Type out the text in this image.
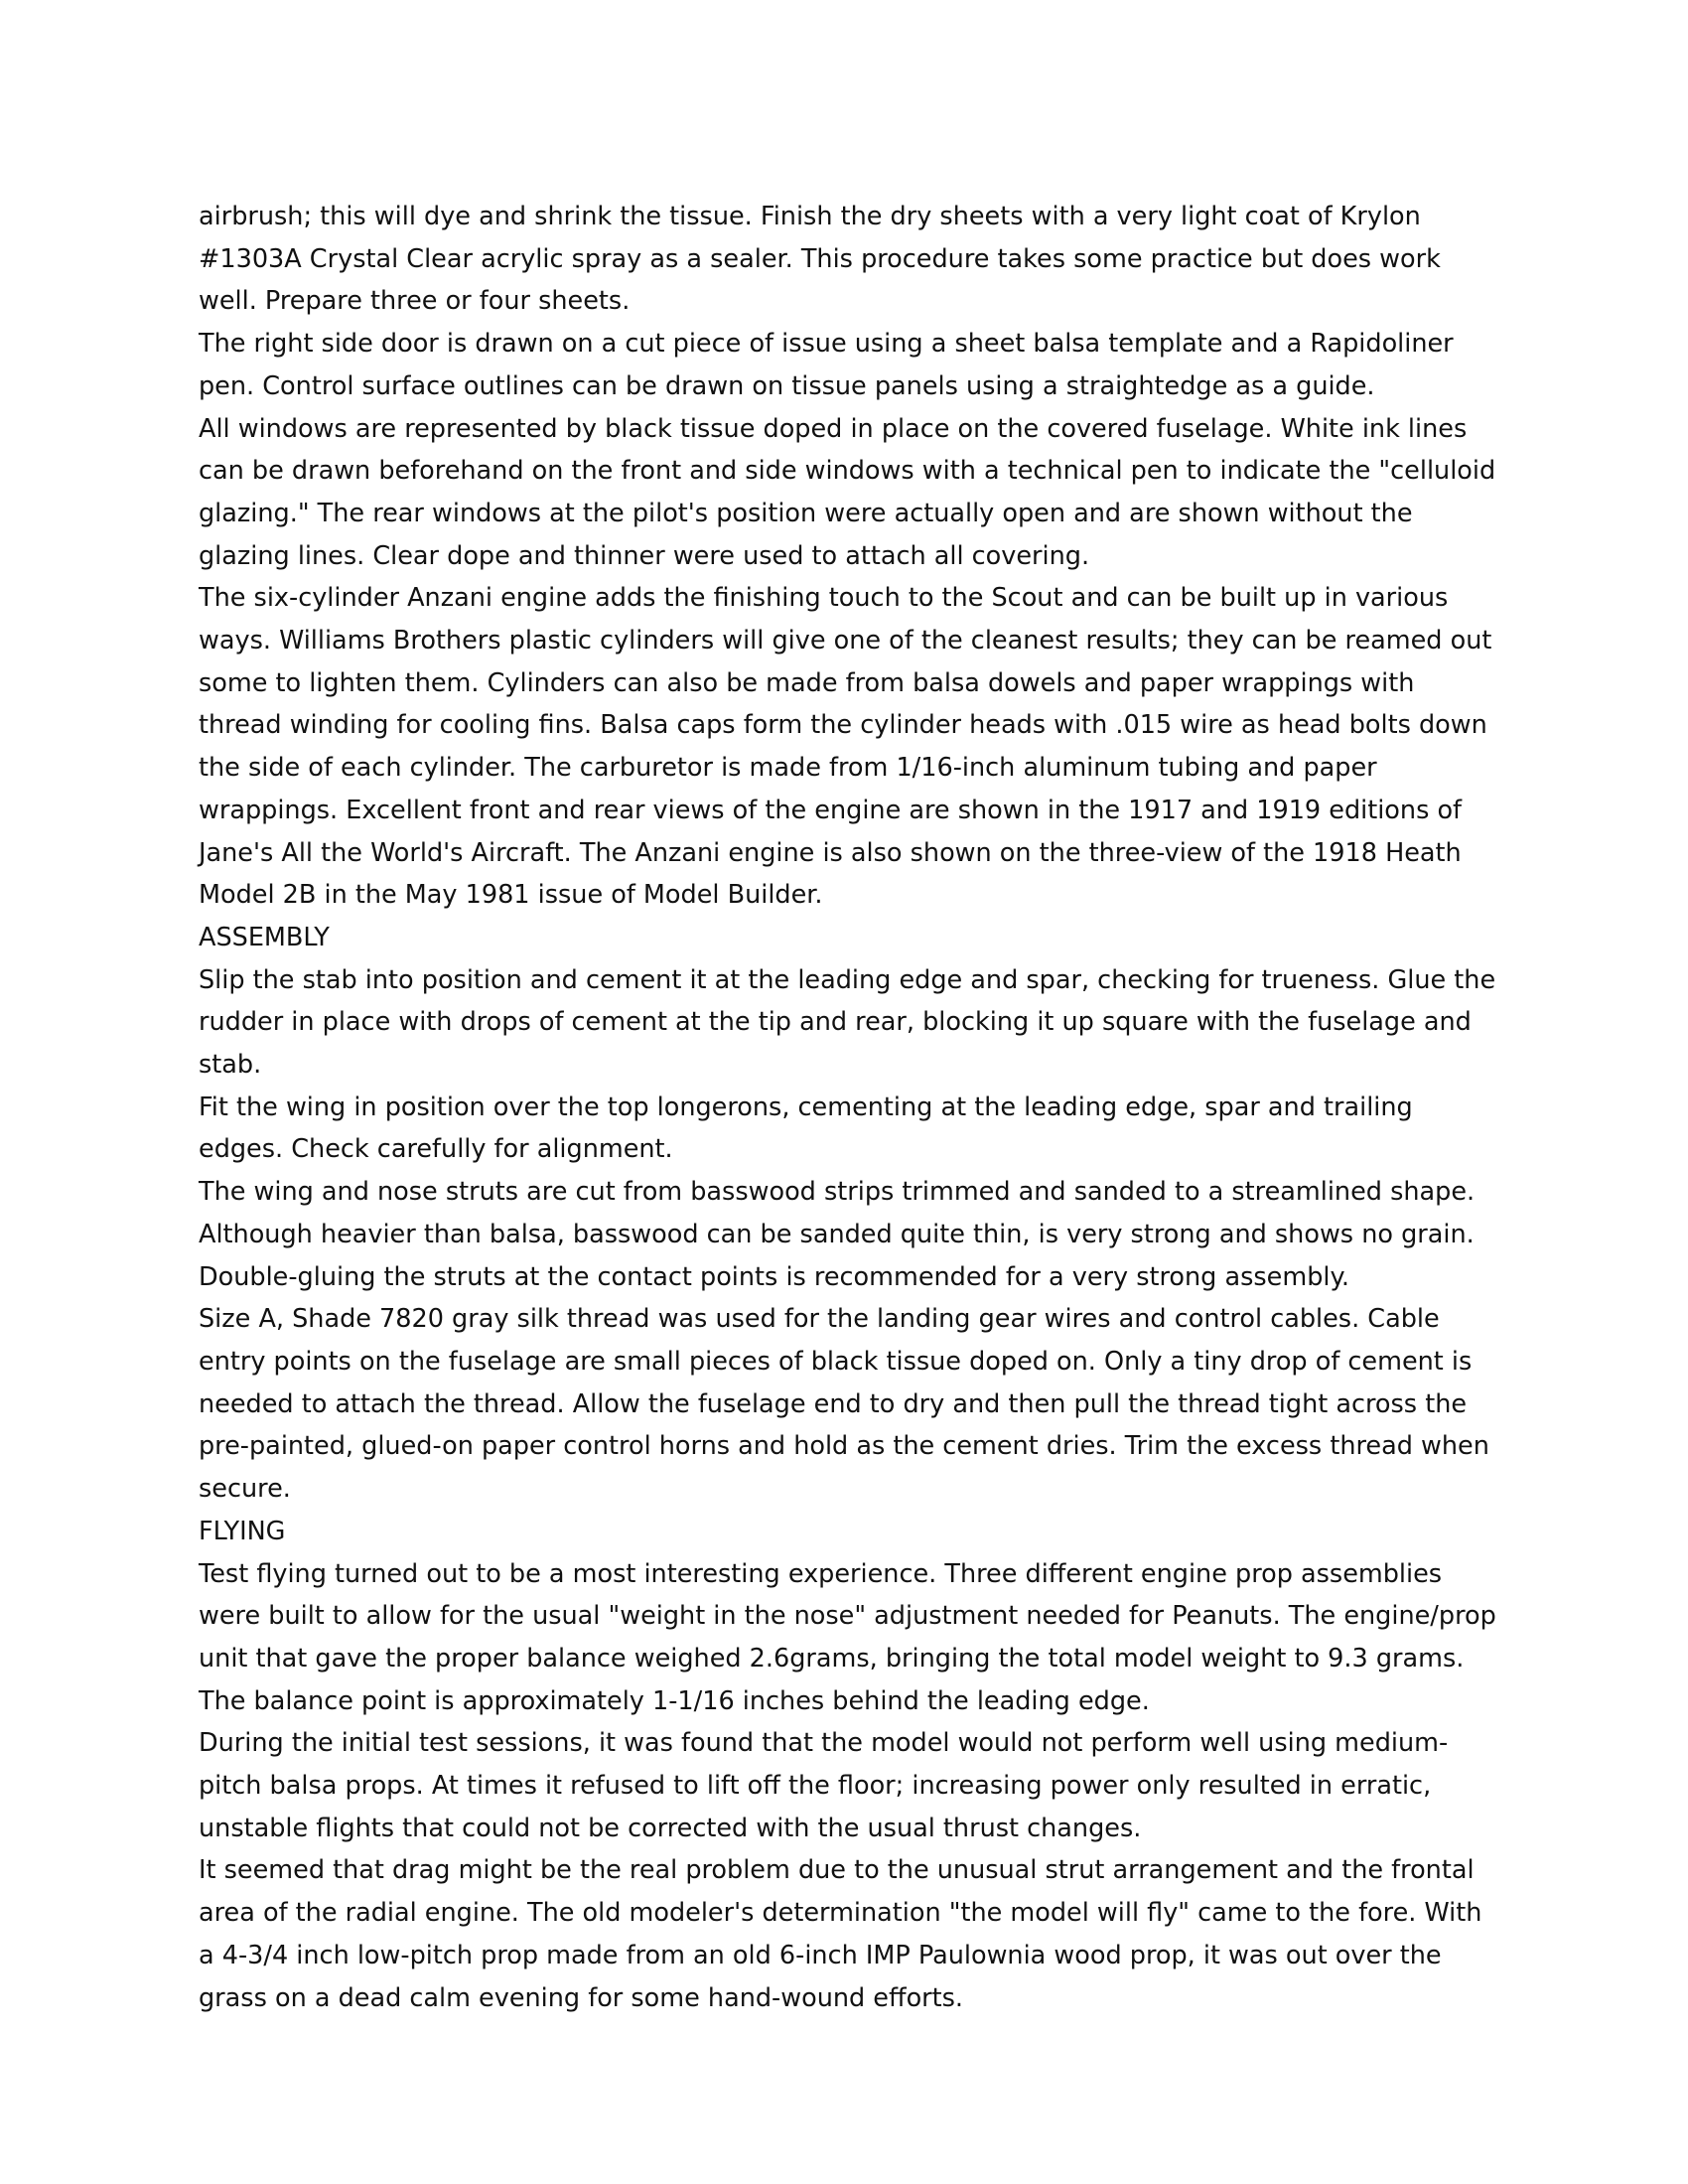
airbrush; this will dye and shrink the tissue. Finish the dry sheets with a very light coat of Krylon #1303A Crystal Clear acrylic spray as a sealer. This procedure takes some practice but does work well. Prepare three or four sheets.

The right side door is drawn on a cut piece of issue using a sheet balsa template and a Rapidoliner pen. Control surface outlines can be drawn on tissue panels using a straightedge as a guide.

All windows are represented by black tissue doped in place on the covered fuselage. White ink lines can be drawn beforehand on the front and side windows with a technical pen to indicate the "celluloid glazing." The rear windows at the pilot's position were actually open and are shown without the glazing lines. Clear dope and thinner were used to attach all covering.

The six-cylinder Anzani engine adds the finishing touch to the Scout and can be built up in various ways. Williams Brothers plastic cylinders will give one of the cleanest results; they can be reamed out some to lighten them. Cylinders can also be made from balsa dowels and paper wrappings with thread winding for cooling fins. Balsa caps form the cylinder heads with .015 wire as head bolts down the side of each cylinder. The carburetor is made from 1/16-inch aluminum tubing and paper wrappings. Excellent front and rear views of the engine are shown in the 1917 and 1919 editions of Jane's All the World's Aircraft. The Anzani engine is also shown on the three-view of the 1918 Heath Model 2B in the May 1981 issue of Model Builder.

ASSEMBLY

Slip the stab into position and cement it at the leading edge and spar, checking for trueness. Glue the rudder in place with drops of cement at the tip and rear, blocking it up square with the fuselage and stab.

Fit the wing in position over the top longerons, cementing at the leading edge, spar and trailing edges. Check carefully for alignment.

The wing and nose struts are cut from basswood strips trimmed and sanded to a streamlined shape. Although heavier than balsa, basswood can be sanded quite thin, is very strong and shows no grain. Double-gluing the struts at the contact points is recommended for a very strong assembly.

Size A, Shade 7820 gray silk thread was used for the landing gear wires and control cables. Cable entry points on the fuselage are small pieces of black tissue doped on. Only a tiny drop of cement is needed to attach the thread. Allow the fuselage end to dry and then pull the thread tight across the pre-painted, glued-on paper control horns and hold as the cement dries. Trim the excess thread when secure.

FLYING

Test flying turned out to be a most interesting experience. Three different engine prop assemblies were built to allow for the usual "weight in the nose" adjustment needed for Peanuts. The engine/prop unit that gave the proper balance weighed 2.6grams, bringing the total model weight to 9.3 grams. The balance point is approximately 1-1/16 inches behind the leading edge.

During the initial test sessions, it was found that the model would not perform well using medium-pitch balsa props. At times it refused to lift off the floor; increasing power only resulted in erratic, unstable flights that could not be corrected with the usual thrust changes.

It seemed that drag might be the real problem due to the unusual strut arrangement and the frontal area of the radial engine. The old modeler's determination "the model will fly" came to the fore. With a 4-3/4 inch low-pitch prop made from an old 6-inch IMP Paulownia wood prop, it was out over the grass on a dead calm evening for some hand-wound efforts.
